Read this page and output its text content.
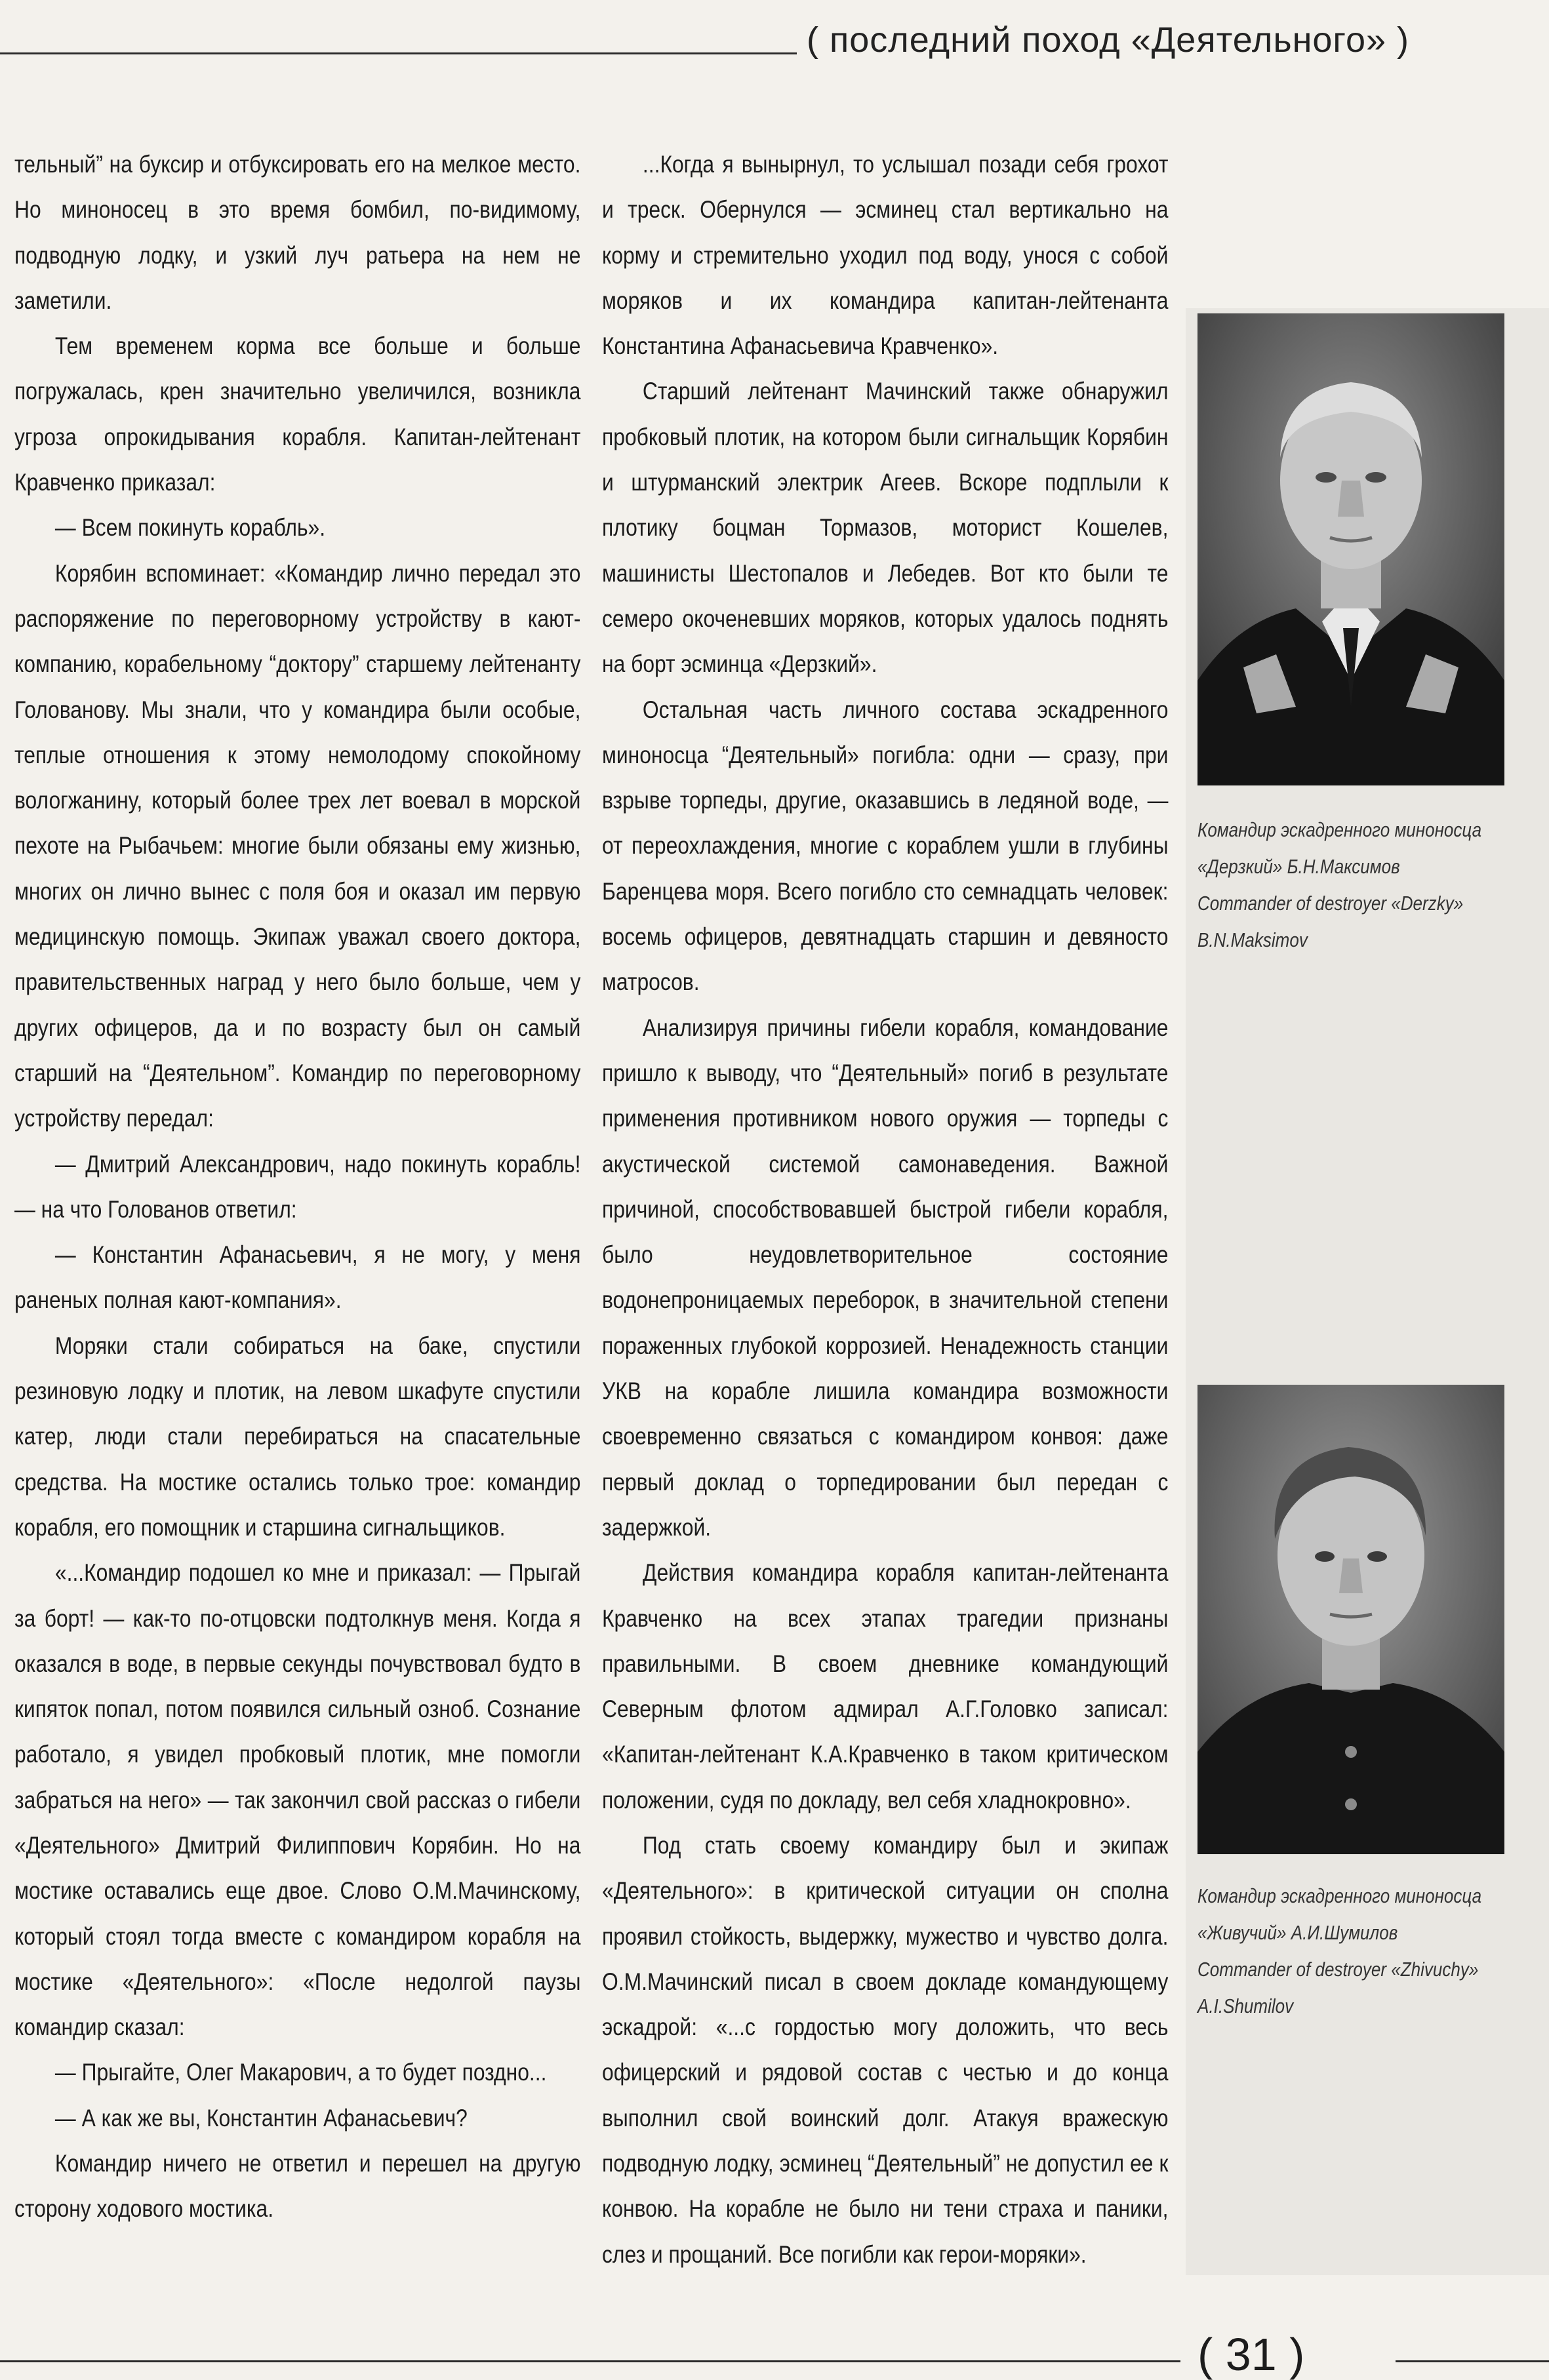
( последний поход «Деятельного» )

тельный” на буксир и отбуксировать его на мелкое место. Но миноносец в это время бомбил, по-видимому, подводную лодку, и узкий луч ратьера на нем не заметили.

Тем временем корма все больше и больше погружалась, крен значительно увеличился, возникла угроза опрокидывания корабля. Капитан-лейтенант Кравченко приказал:

— Всем покинуть корабль».

Корябин вспоминает: «Командир лично передал это распоряжение по переговорному устройству в кают-компанию, корабельному “доктору” старшему лейтенанту Голованову. Мы знали, что у командира были особые, теплые отношения к этому немолодому спокойному вологжанину, который более трех лет воевал в морской пехоте на Рыбачьем: многие были обязаны ему жизнью, многих он лично вынес с поля боя и оказал им первую медицинскую помощь. Экипаж уважал своего доктора, правительственных наград у него было больше, чем у других офицеров, да и по возрасту был он самый старший на “Деятельном”. Командир по переговорному устройству передал:

— Дмитрий Александрович, надо покинуть корабль! — на что Голованов ответил:

— Константин Афанасьевич, я не могу, у меня раненых полная кают-компания».

Моряки стали собираться на баке, спустили резиновую лодку и плотик, на левом шкафуте спустили катер, люди стали перебираться на спасательные средства. На мостике остались только трое: командир корабля, его помощник и старшина сигнальщиков.

«...Командир подошел ко мне и приказал: — Прыгай за борт! — как-то по-отцовски подтолкнув меня. Когда я оказался в воде, в первые секунды почувствовал будто в кипяток попал, потом появился сильный озноб. Сознание работало, я увидел пробковый плотик, мне помогли забраться на него» — так закончил свой рассказ о гибели «Деятельного» Дмитрий Филиппович Корябин. Но на мостике оставались еще двое. Слово О.М.Мачинскому, который стоял тогда вместе с командиром корабля на мостике «Деятельного»: «После недолгой паузы командир сказал:

— Прыгайте, Олег Макарович, а то будет поздно...

— А как же вы, Константин Афанасьевич?

Командир ничего не ответил и перешел на другую сторону ходового мостика.

...Когда я вынырнул, то услышал позади себя грохот и треск. Обернулся — эсминец стал вертикально на корму и стремительно уходил под воду, унося с собой моряков и их командира капитан-лейтенанта Константина Афанасьевича Кравченко».

Старший лейтенант Мачинский также обнаружил пробковый плотик, на котором были сигнальщик Корябин и штурманский электрик Агеев. Вскоре подплыли к плотику боцман Тормазов, моторист Кошелев, машинисты Шестопалов и Лебедев. Вот кто были те семеро окоченевших моряков, которых удалось поднять на борт эсминца «Дерзкий».

Остальная часть личного состава эскадренного миноносца “Деятельный» погибла: одни — сразу, при взрыве торпеды, другие, оказавшись в ледяной воде, — от переохлаждения, многие с кораблем ушли в глубины Баренцева моря. Всего погибло сто семнадцать человек: восемь офицеров, девятнадцать старшин и девяносто матросов.

Анализируя причины гибели корабля, командование пришло к выводу, что “Деятельный» погиб в результате применения противником нового оружия — торпеды с акустической системой самонаведения. Важной причиной, способствовавшей быстрой гибели корабля, было неудовлетворительное состояние водонепроницаемых переборок, в значительной степени пораженных глубокой коррозией. Ненадежность станции УКВ на корабле лишила командира возможности своевременно связаться с командиром конвоя: даже первый доклад о торпедировании был передан с задержкой.

Действия командира корабля капитан-лейтенанта Кравченко на всех этапах трагедии признаны правильными. В своем дневнике командующий Северным флотом адмирал А.Г.Головко записал: «Капитан-лейтенант К.А.Кравченко в таком критическом положении, судя по докладу, вел себя хладнокровно».

Под стать своему командиру был и экипаж «Деятельного»: в критической ситуации он сполна проявил стойкость, выдержку, мужество и чувство долга. О.М.Мачинский писал в своем докладе командующему эскадрой: «...с гордостью могу доложить, что весь офицерский и рядовой состав с честью и до конца выполнил свой воинский долг. Атакуя вражескую подводную лодку, эсминец “Деятельный” не допустил ее к конвою. На корабле не было ни тени страха и паники, слез и прощаний. Все погибли как герои-моряки».

Командир эскадренного миноносца
«Дерзкий» Б.Н.Максимов
Commander of destroyer «Derzky»
B.N.Maksimov
Командир эскадренного миноносца
«Живучий» А.И.Шумилов
Commander of destroyer «Zhivuchy»
A.I.Shumilov
( 31 )
